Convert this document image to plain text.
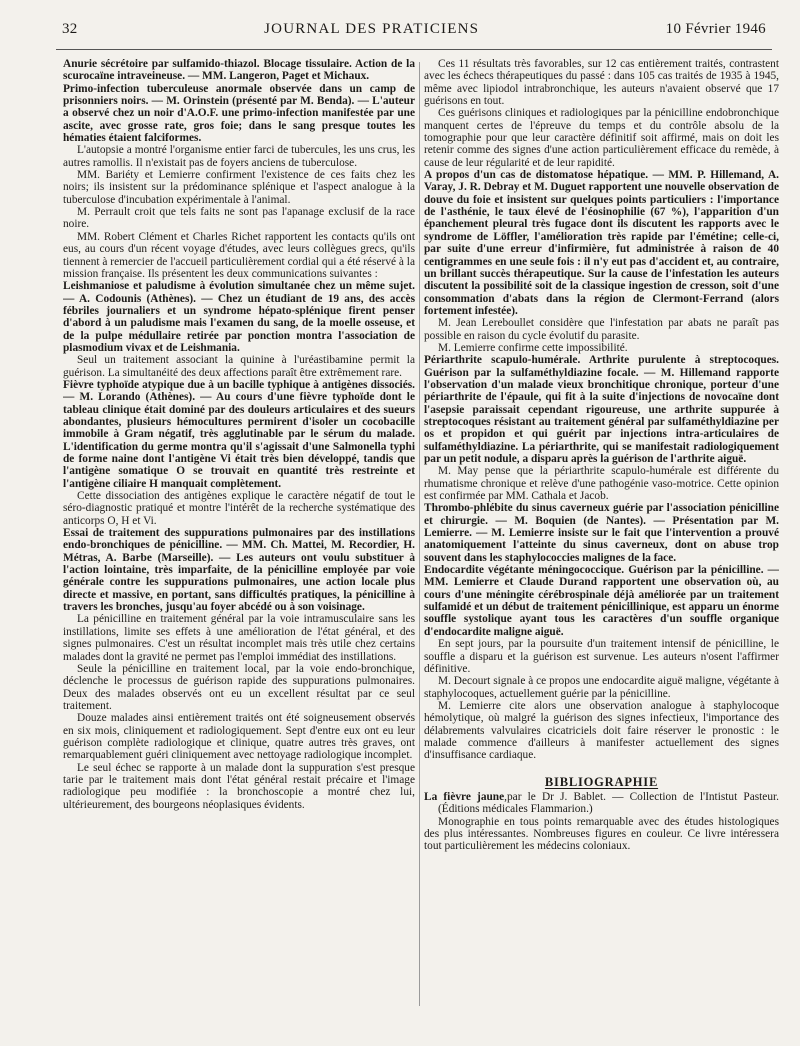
32	JOURNAL DES PRATICIENS	10 Février 1946

Anurie sécrétoire par sulfamido-thiazol. Blocage tissulaire. Action de la scurocaïne intraveineuse. — MM. Langeron, Paget et Michaux.

Primo-infection tuberculeuse anormale observée dans un camp de prisonniers noirs. — M. Orinstein (présenté par M. Benda). — L'auteur a observé chez un noir d'A.O.F. une primo-infection manifestée par une ascite, avec grosse rate, gros foie; dans le sang presque toutes les hématies étaient falciformes.

L'autopsie a montré l'organisme entier farci de tubercules, les uns crus, les autres ramollis. Il n'existait pas de foyers anciens de tuberculose.

MM. Bariéty et Lemierre confirment l'existence de ces faits chez les noirs; ils insistent sur la prédominance splénique et l'aspect analogue à la tuberculose d'incubation expérimentale à l'animal.

M. Perrault croit que tels faits ne sont pas l'apanage exclusif de la race noire.

MM. Robert Clément et Charles Richet rapportent les contacts qu'ils ont eus, au cours d'un récent voyage d'études, avec leurs collègues grecs, qu'ils tiennent à remercier de l'accueil particulièrement cordial qui a été réservé à la mission française. Ils présentent les deux communications suivantes :

Leishmaniose et paludisme à évolution simultanée chez un même sujet. — A. Codounis (Athènes). — Chez un étudiant de 19 ans, des accès fébriles journaliers et un syndrome hépato-splénique firent penser d'abord à un paludisme mais l'examen du sang, de la moelle osseuse, et de la pulpe médullaire retirée par ponction montra l'association de plasmodium vivax et de Leishmania.

Seul un traitement associant la quinine à l'uréastibamine permit la guérison. La simultanéité des deux affections paraît être extrêmement rare.

Fièvre typhoïde atypique due à un bacille typhique à antigènes dissociés. — M. Lorando (Athènes). — Au cours d'une fièvre typhoïde dont le tableau clinique était dominé par des douleurs articulaires et des sueurs abondantes, plusieurs hémocultures permirent d'isoler un cocobacille immobile à Gram négatif, très agglutinable par le sérum du malade. L'identification du germe montra qu'il s'agissait d'une Salmonella typhi de forme naine dont l'antigène Vi était très bien développé, tandis que l'antigène somatique O se trouvait en quantité très restreinte et l'antigène ciliaire H manquait complètement.

Cette dissociation des antigènes explique le caractère négatif de tout le séro-diagnostic pratiqué et montre l'intérêt de la recherche systématique des anticorps O, H et Vi.

Essai de traitement des suppurations pulmonaires par des instillations endo-bronchiques de pénicilline. — MM. Ch. Mattei, M. Recordier, H. Métras, A. Barbe (Marseille). — Les auteurs ont voulu substituer à l'action lointaine, très imparfaite, de la pénicilline employée par voie générale contre les suppurations pulmonaires, une action locale plus directe et massive, en portant, sans difficultés pratiques, la pénicilline à travers les bronches, jusqu'au foyer abcédé ou à son voisinage.

La pénicilline en traitement général par la voie intramusculaire sans les instillations, limite ses effets à une amélioration de l'état général, et des signes pulmonaires. C'est un résultat incomplet mais très utile chez certains malades dont la gravité ne permet pas l'emploi immédiat des instillations.

Seule la pénicilline en traitement local, par la voie endo-bronchique, déclenche le processus de guérison rapide des suppurations pulmonaires. Deux des malades observés ont eu un excellent résultat par ce seul traitement.

Douze malades ainsi entièrement traités ont été soigneusement observés en six mois, cliniquement et radiologiquement. Sept d'entre eux ont eu leur guérison complète radiologique et clinique, quatre autres très graves, ont remarquablement guéri cliniquement avec nettoyage radiologique incomplet.

Le seul échec se rapporte à un malade dont la suppuration s'est presque tarie par le traitement mais dont l'état général restait précaire et l'image radiologique peu modifiée : la bronchoscopie a montré chez lui, ultérieurement, des bourgeons néoplasiques évidents.

Ces 11 résultats très favorables, sur 12 cas entièrement traités, contrastent avec les échecs thérapeutiques du passé : dans 105 cas traités de 1935 à 1945, même avec lipiodol intrabronchique, les auteurs n'avaient observé que 17 guérisons en tout.

Ces guérisons cliniques et radiologiques par la pénicilline endobronchique manquent certes de l'épreuve du temps et du contrôle absolu de la tomographie pour que leur caractère définitif soit affirmé, mais on doit les retenir comme des signes d'une action particulièrement efficace du remède, à cause de leur régularité et de leur rapidité.

A propos d'un cas de distomatose hépatique. — MM. P. Hillemand, A. Varay, J. R. Debray et M. Duguet rapportent une nouvelle observation de douve du foie et insistent sur quelques points particuliers : l'importance de l'asthénie, le taux élevé de l'éosinophilie (67 %), l'apparition d'un épanchement pleural très fugace dont ils discutent les rapports avec le syndrome de Löffler, l'amélioration très rapide par l'émétine; celle-ci, par suite d'une erreur d'infirmière, fut administrée à raison de 40 centigrammes en une seule fois : il n'y eut pas d'accident et, au contraire, un brillant succès thérapeutique. Sur la cause de l'infestation les auteurs discutent la possibilité soit de la classique ingestion de cresson, soit d'une consommation d'abats dans la région de Clermont-Ferrand (alors fortement infestée).

M. Jean Lereboullet considère que l'infestation par abats ne paraît pas possible en raison du cycle évolutif du parasite.

M. Lemierre confirme cette impossibilité.

Périarthrite scapulo-humérale. Arthrite purulente à streptocoques. Guérison par la sulfaméthyldiazine focale. — M. Hillemand rapporte l'observation d'un malade vieux bronchitique chronique, porteur d'une périarthrite de l'épaule, qui fit à la suite d'injections de novocaïne dont l'asepsie paraissait cependant rigoureuse, une arthrite suppurée à streptocoques résistant au traitement général par sulfaméthyldiazine per os et propidon et qui guérit par injections intra-articulaires de sulfaméthyldiazine. La périarthrite, qui se manifestait radiologiquement par un petit nodule, a disparu après la guérison de l'arthrite aiguë.

M. May pense que la périarthrite scapulo-humérale est différente du rhumatisme chronique et relève d'une pathogénie vaso-motrice. Cette opinion est confirmée par MM. Cathala et Jacob.

Thrombo-phlébite du sinus caverneux guérie par l'association pénicilline et chirurgie. — M. Boquien (de Nantes). — Présentation par M. Lemierre. — M. Lemierre insiste sur le fait que l'intervention a prouvé anatomiquement l'atteinte du sinus caverneux, dont on abuse trop souvent dans les staphylococcies malignes de la face.

Endocardite végétante méningococcique. Guérison par la pénicilline. — MM. Lemierre et Claude Durand rapportent une observation où, au cours d'une méningite cérébrospinale déjà améliorée par un traitement sulfamidé et un début de traitement pénicillinique, est apparu un énorme souffle systolique ayant tous les caractères d'un souffle organique d'endocardite maligne aiguë.

En sept jours, par la poursuite d'un traitement intensif de pénicilline, le souffle a disparu et la guérison est survenue. Les auteurs n'osent l'affirmer définitive.

M. Decourt signale à ce propos une endocardite aiguë maligne, végétante à staphylocoques, actuellement guérie par la pénicilline.

M. Lemierre cite alors une observation analogue à staphylocoque hémolytique, où malgré la guérison des signes infectieux, l'importance des délabrements valvulaires cicatriciels doit faire réserver le pronostic : le malade commence d'ailleurs à manifester actuellement des signes d'insuffisance cardiaque.

BIBLIOGRAPHIE

La fièvre jaune,par le Dr J. Bablet. — Collection de l'Intistut Pasteur. (Éditions médicales Flammarion.)

Monographie en tous points remarquable avec des études histologiques des plus intéressantes. Nombreuses figures en couleur. Ce livre intéressera tout particulièrement les médecins coloniaux.
